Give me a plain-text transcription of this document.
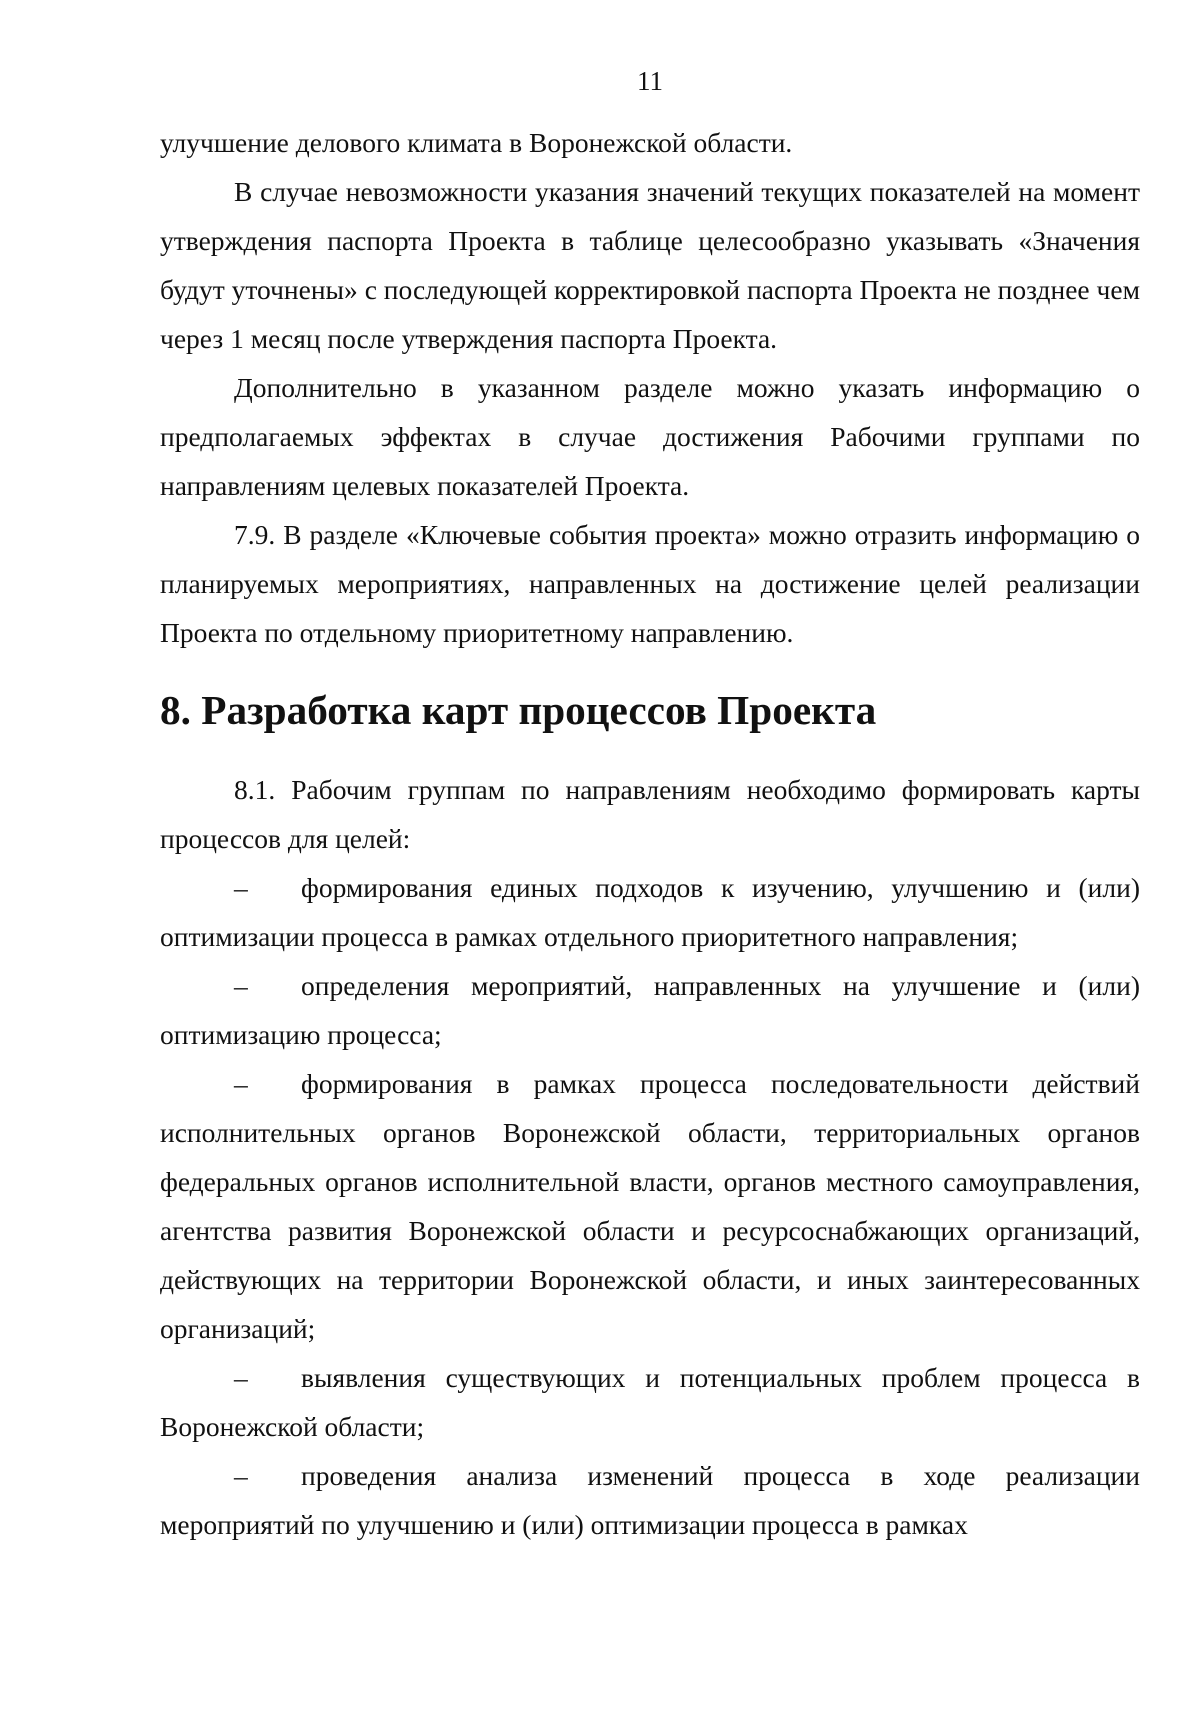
11

улучшение делового климата в Воронежской области.

В случае невозможности указания значений текущих показателей на момент утверждения паспорта Проекта в таблице целесообразно указывать «Значения будут уточнены» с последующей корректировкой паспорта Проекта не позднее чем через 1 месяц после утверждения паспорта Проекта.

Дополнительно в указанном разделе можно указать информацию о предполагаемых эффектах в случае достижения Рабочими группами по направлениям целевых показателей Проекта.

7.9. В разделе «Ключевые события проекта» можно отразить информацию о планируемых мероприятиях, направленных на достижение целей реализации Проекта по отдельному приоритетному направлению.

8. Разработка карт процессов Проекта

8.1. Рабочим группам по направлениям необходимо формировать карты процессов для целей:

– формирования единых подходов к изучению, улучшению и (или) оптимизации процесса в рамках отдельного приоритетного направления;

– определения мероприятий, направленных на улучшение и (или) оптимизацию процесса;

– формирования в рамках процесса последовательности действий исполнительных органов Воронежской области, территориальных органов федеральных органов исполнительной власти, органов местного самоуправления, агентства развития Воронежской области и ресурсоснабжающих организаций, действующих на территории Воронежской области, и иных заинтересованных организаций;

– выявления существующих и потенциальных проблем процесса в Воронежской области;

– проведения анализа изменений процесса в ходе реализации мероприятий по улучшению и (или) оптимизации процесса в рамках
